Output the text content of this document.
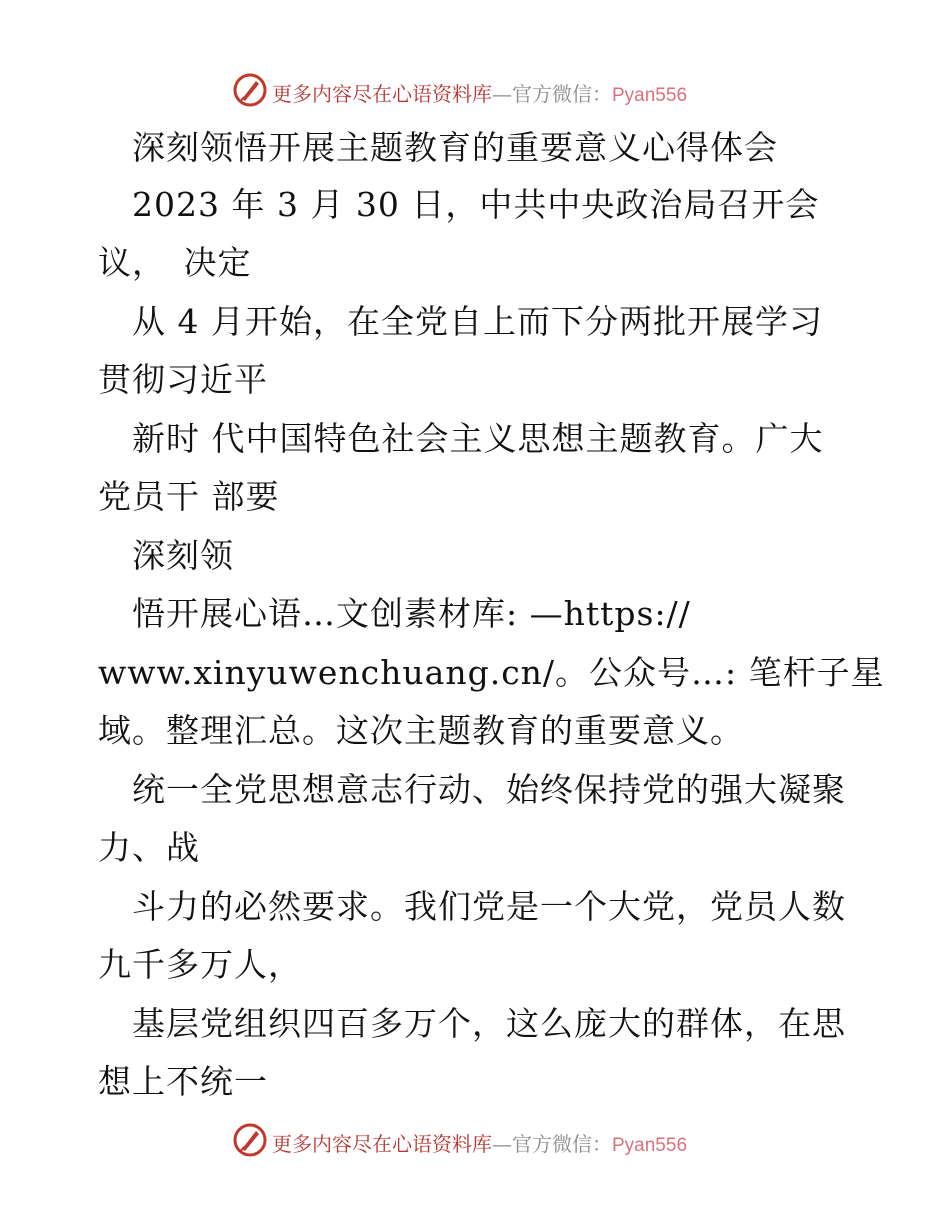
更多内容尽在心语资料库—官方微信：Pyan556
　深刻领悟开展主题教育的重要意义心得体会
　2023 年 3 月 30 日，中共中央政治局召开会
议，　决定
　从 4 月开始，在全党自上而下分两批开展学习
贯彻习近平
　新时 代中国特色社会主义思想主题教育。广大
党员干 部要
　深刻领
　悟开展心语…文创素材库: —https://
www.xinyuwenchuang.cn/。公众号…: 笔杆子星
域。整理汇总。这次主题教育的重要意义。
　统一全党思想意志行动、始终保持党的强大凝聚
力、战
　斗力的必然要求。我们党是一个大党，党员人数
九千多万人，
　基层党组织四百多万个，这么庞大的群体，在思
想上不统一
更多内容尽在心语资料库—官方微信：Pyan556
